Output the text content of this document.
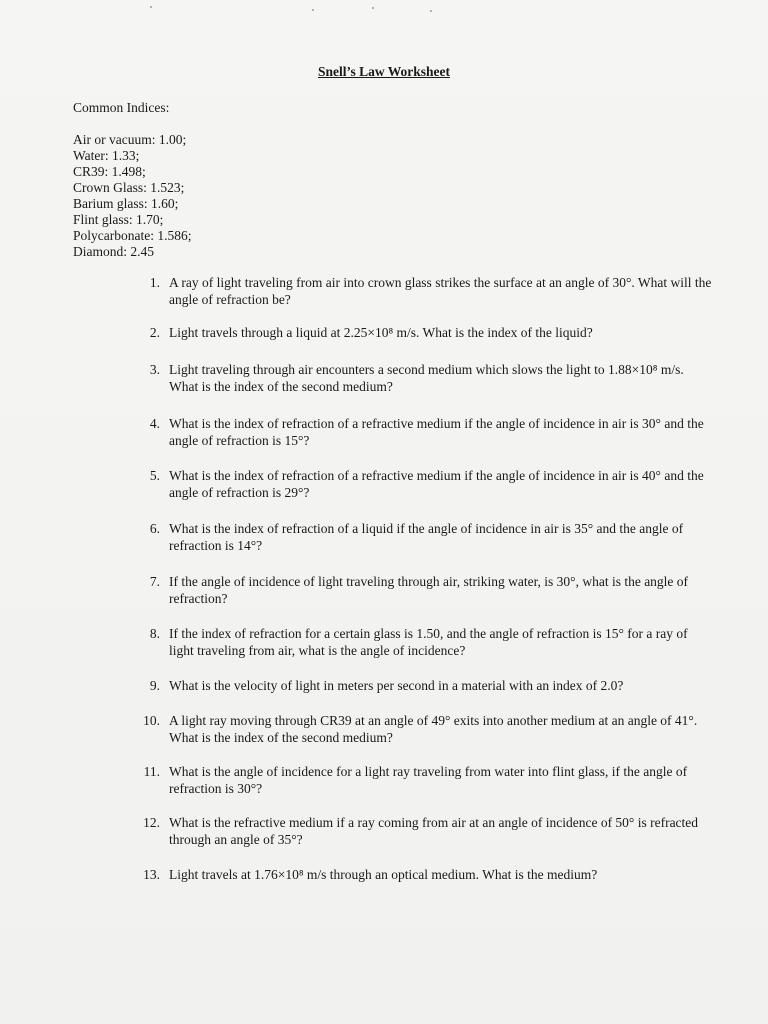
Snell’s Law Worksheet
Common Indices:
Air or vacuum: 1.00;
Water: 1.33;
CR39: 1.498;
Crown Glass: 1.523;
Barium glass: 1.60;
Flint glass: 1.70;
Polycarbonate: 1.586;
Diamond: 2.45
1. A ray of light traveling from air into crown glass strikes the surface at an angle of 30°. What will the angle of refraction be?
2. Light travels through a liquid at 2.25×10⁸ m/s. What is the index of the liquid?
3. Light traveling through air encounters a second medium which slows the light to 1.88×10⁸ m/s. What is the index of the second medium?
4. What is the index of refraction of a refractive medium if the angle of incidence in air is 30° and the angle of refraction is 15°?
5. What is the index of refraction of a refractive medium if the angle of incidence in air is 40° and the angle of refraction is 29°?
6. What is the index of refraction of a liquid if the angle of incidence in air is 35° and the angle of refraction is 14°?
7. If the angle of incidence of light traveling through air, striking water, is 30°, what is the angle of refraction?
8. If the index of refraction for a certain glass is 1.50, and the angle of refraction is 15° for a ray of light traveling from air, what is the angle of incidence?
9. What is the velocity of light in meters per second in a material with an index of 2.0?
10. A light ray moving through CR39 at an angle of 49° exits into another medium at an angle of 41°. What is the index of the second medium?
11. What is the angle of incidence for a light ray traveling from water into flint glass, if the angle of refraction is 30°?
12. What is the refractive medium if a ray coming from air at an angle of incidence of 50° is refracted through an angle of 35°?
13. Light travels at 1.76×10⁸ m/s through an optical medium. What is the medium?
